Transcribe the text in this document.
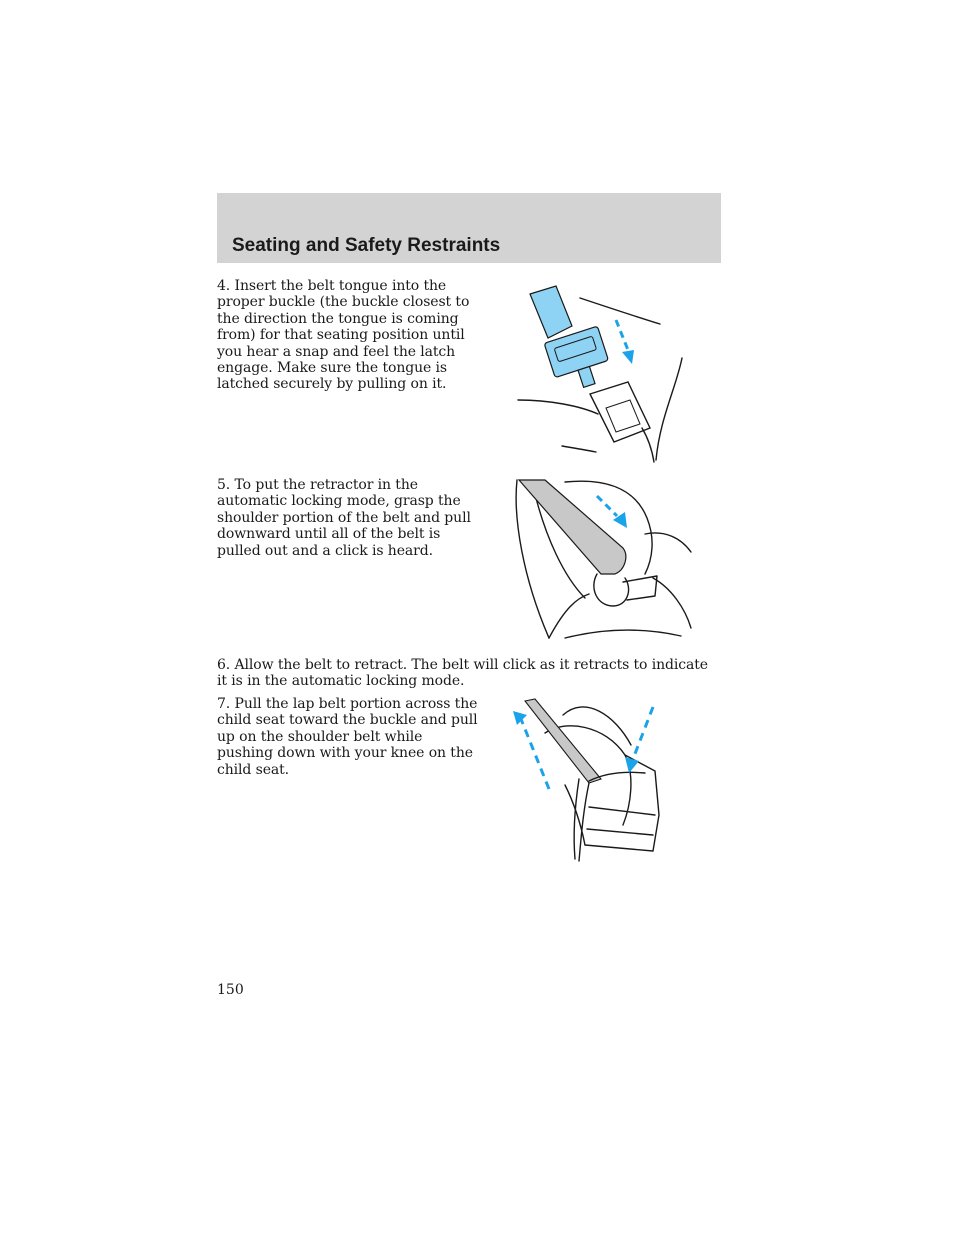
Seating and Safety Restraints

4. Insert the belt tongue into the proper buckle (the buckle closest to the direction the tongue is coming from) for that seating position until you hear a snap and feel the latch engage. Make sure the tongue is latched securely by pulling on it.

5. To put the retractor in the automatic locking mode, grasp the shoulder portion of the belt and pull downward until all of the belt is pulled out and a click is heard.

6. Allow the belt to retract. The belt will click as it retracts to indicate it is in the automatic locking mode.

7. Pull the lap belt portion across the child seat toward the buckle and pull up on the shoulder belt while pushing down with your knee on the child seat.

150
